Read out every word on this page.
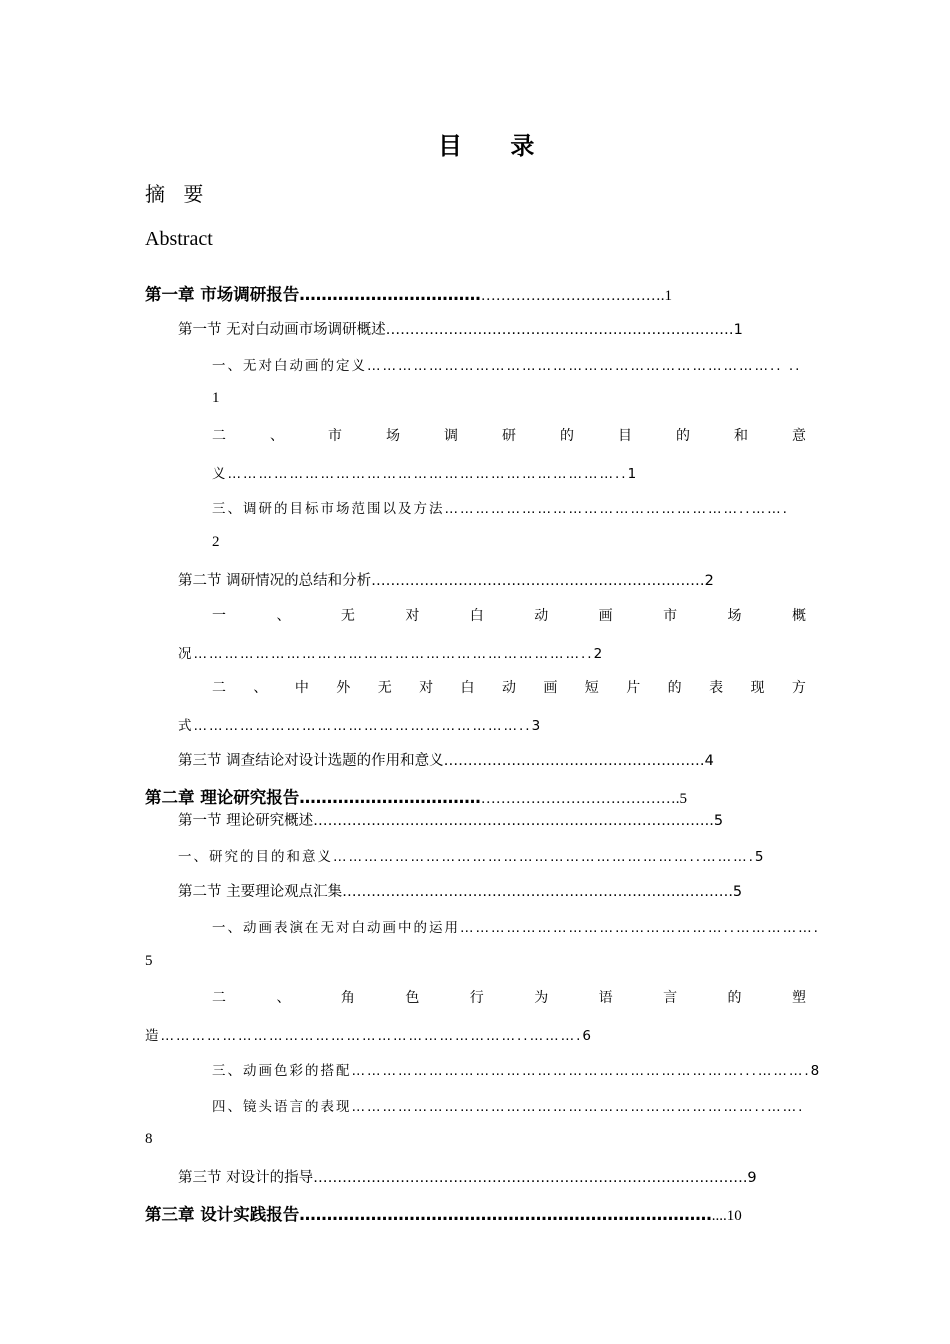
目 录
摘 要
Abstract
第一章 市场调研报告…………………………………………………………….1
第一节 无对白动画市场调研概述………………………………………………………………1
一、无对白动画的定义…………………………………………………………………….. ..
1
二	、	市	场	调	研	的	目	的	和	意
义…………………………………………………………………..1
三、调研的目标市场范围以及方法…………………………………………………..…….
2
第二节 调研情况的总结和分析……………………………………………………………2
一	、	无	对	白	动	画	市	场	概
况…………………………………………………………………..2
二 、 中 外 无 对 白 动 画 短 片 的 表 现 方
式………………………………………………………..3
第三节 调查结论对设计选题的作用和意义………………………………………………4
第二章 理论研究报告……………………………………………………………….5
第一节 理论研究概述………………………………………………………………………..5
一、研究的目的和意义……………………………………………………………..……….5
第二节 主要理论观点汇集……………………………………………………………..……….5
一、动画表演在无对白动画中的运用……………………………………………..…………….
5
二	、	角	色	行	为	语	言	的	塑
造……………………………………………………………..……….6
三、动画色彩的搭配…………………………………………………………………...……….8
四、镜头语言的表现……………………………………………………………………..…….
8
第三节 对设计的指导…………………………………………………………………..………….9
第三章 设计实践报告…………………………………………………………………....10
